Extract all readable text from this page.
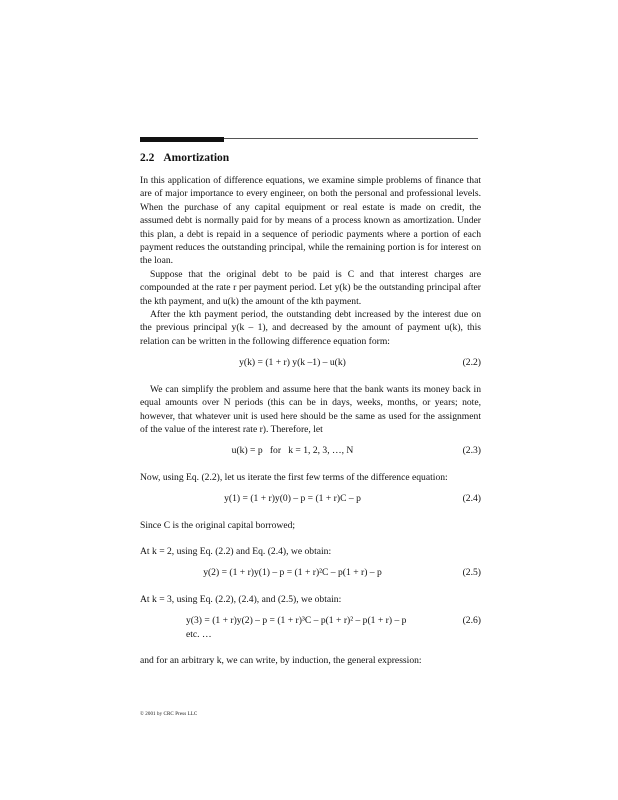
2.2 Amortization

In this application of difference equations, we examine simple problems of finance that are of major importance to every engineer, on both the personal and professional levels. When the purchase of any capital equipment or real estate is made on credit, the assumed debt is normally paid for by means of a process known as amortization. Under this plan, a debt is repaid in a sequence of periodic payments where a portion of each payment reduces the outstanding principal, while the remaining portion is for interest on the loan.

Suppose that the original debt to be paid is C and that interest charges are compounded at the rate r per payment period. Let y(k) be the outstanding principal after the kth payment, and u(k) the amount of the kth payment.

After the kth payment period, the outstanding debt increased by the interest due on the previous principal y(k – 1), and decreased by the amount of payment u(k), this relation can be written in the following difference equation form:

y(k) = (1 + r) y(k –1) – u(k)	(2.2)

We can simplify the problem and assume here that the bank wants its money back in equal amounts over N periods (this can be in days, weeks, months, or years; note, however, that whatever unit is used here should be the same as used for the assignment of the value of the interest rate r). Therefore, let

u(k) = p   for   k = 1, 2, 3, …, N	(2.3)

Now, using Eq. (2.2), let us iterate the first few terms of the difference equation:

y(1) = (1 + r)y(0) – p = (1 + r)C – p	(2.4)

Since C is the original capital borrowed;

At k = 2, using Eq. (2.2) and Eq. (2.4), we obtain:

y(2) = (1 + r)y(1) – p = (1 + r)²C – p(1 + r) – p	(2.5)

At k = 3, using Eq. (2.2), (2.4), and (2.5), we obtain:

y(3) = (1 + r)y(2) – p = (1 + r)³C – p(1 + r)² – p(1 + r) – p	(2.6)
etc. …

and for an arbitrary k, we can write, by induction, the general expression:

© 2001 by CRC Press LLC
